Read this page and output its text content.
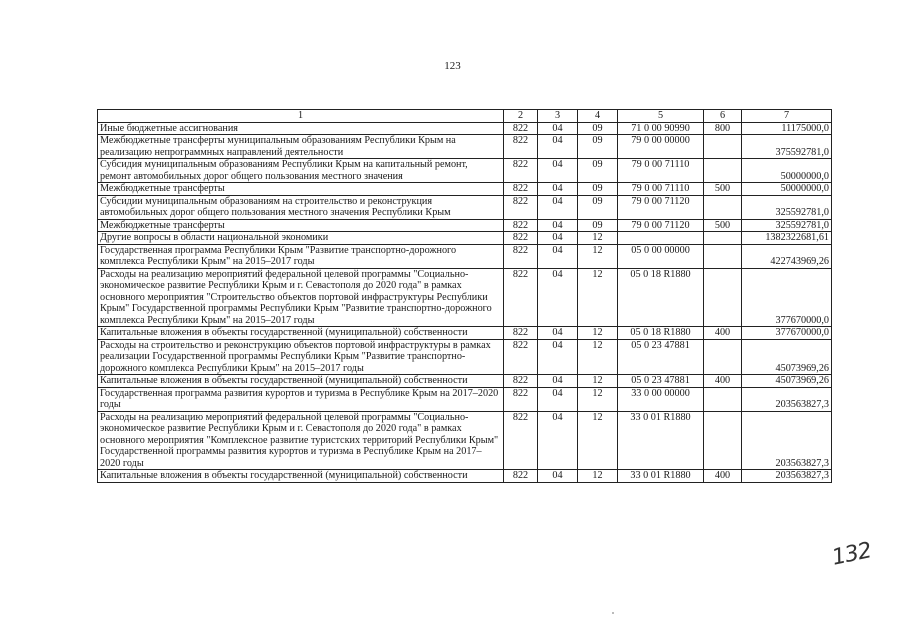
123
1	2	3	4	5	6	7
Иные бюджетные ассигнования	822	04	09	71 0 00 90990	800	11175000,0
Межбюджетные трансферты муниципальным образованиям Республики Крым на реализацию непрограммных направлений деятельности	822	04	09	79 0 00 00000		375592781,0
Субсидия муниципальным образованиям Республики Крым на капитальный ремонт, ремонт автомобильных дорог общего пользования местного значения	822	04	09	79 0 00 71110		50000000,0
Межбюджетные трансферты	822	04	09	79 0 00 71110	500	50000000,0
Субсидии муниципальным образованиям на строительство и реконструкция автомобильных дорог общего пользования местного значения Республики Крым	822	04	09	79 0 00 71120		325592781,0
Межбюджетные трансферты	822	04	09	79 0 00 71120	500	325592781,0
Другие вопросы в области национальной экономики	822	04	12			1382322681,61
Государственная программа Республики Крым "Развитие транспортно-дорожного комплекса Республики Крым" на 2015–2017 годы	822	04	12	05 0 00 00000		422743969,26
Расходы на реализацию мероприятий федеральной целевой программы "Социально-экономическое развитие Республики Крым и г. Севастополя до 2020 года" в рамках основного мероприятия "Строительство объектов портовой инфраструктуры Республики Крым" Государственной программы Республики Крым "Развитие транспортно-дорожного комплекса Республики Крым" на 2015–2017 годы	822	04	12	05 0 18 R1880		377670000,0
Капитальные вложения в объекты государственной (муниципальной) собственности	822	04	12	05 0 18 R1880	400	377670000,0
Расходы на строительство и реконструкцию объектов портовой инфраструктуры в рамках реализации Государственной программы Республики Крым "Развитие транспортно-дорожного комплекса Республики Крым" на 2015–2017 годы	822	04	12	05 0 23 47881		45073969,26
Капитальные вложения в объекты государственной (муниципальной) собственности	822	04	12	05 0 23 47881	400	45073969,26
Государственная программа развития курортов и туризма в Республике Крым на 2017–2020 годы	822	04	12	33 0 00 00000		203563827,3
Расходы на реализацию мероприятий федеральной целевой программы "Социально-экономическое развитие Республики Крым и г. Севастополя до 2020 года" в рамках основного мероприятия "Комплексное развитие туристских территорий Республики Крым" Государственной программы развития курортов и туризма в Республике Крым на 2017–2020 годы	822	04	12	33 0 01 R1880		203563827,3
Капитальные вложения в объекты государственной (муниципальной) собственности	822	04	12	33 0 01 R1880	400	203563827,3
132
